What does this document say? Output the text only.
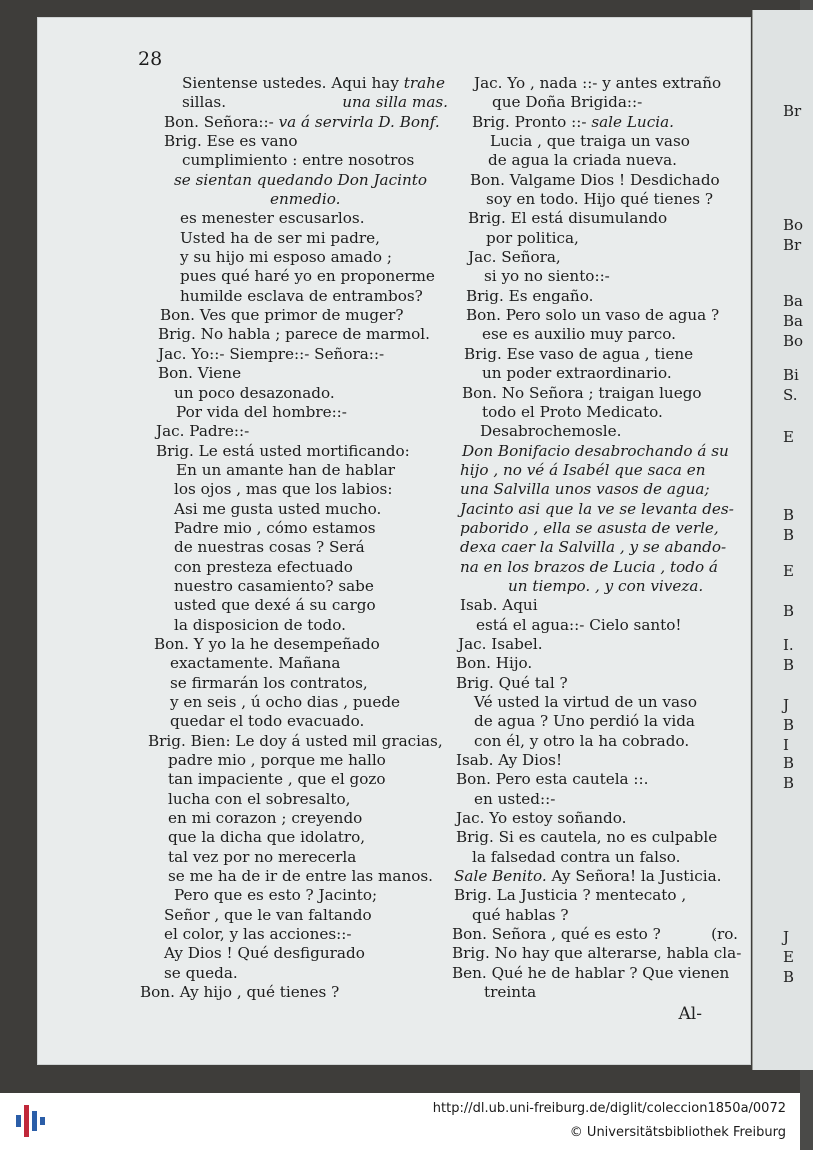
28
Sientense ustedes. Aqui hay trahe
sillas.	una silla mas.
Bon. Señora::- va á servirla D. Bonf.
Brig. Ese es vano
cumplimiento : entre nosotros
se sientan quedando Don Jacinto
enmedio.
es menester escusarlos.
Usted ha de ser mi padre,
y su hijo mi esposo amado ;
pues qué haré yo en proponerme
humilde esclava de entrambos?
Bon. Ves que primor de muger?
Brig. No habla ; parece de marmol.
Jac. Yo::- Siempre::- Señora::-
Bon. Viene
un poco desazonado.
Por vida del hombre::-
Jac. Padre::-
Brig. Le está usted mortificando:
En un amante han de hablar
los ojos , mas que los labios:
Asi me gusta usted mucho.
Padre mio , cómo estamos
de nuestras cosas ? Será
con presteza efectuado
nuestro casamiento? sabe
usted que dexé á su cargo
la disposicion de todo.
Bon. Y yo la he desempeñado
exactamente. Mañana
se firmarán los contratos,
y en seis , ú ocho dias , puede
quedar el todo evacuado.
Brig. Bien: Le doy á usted mil gracias,
padre mio , porque me hallo
tan impaciente , que el gozo
lucha con el sobresalto,
en mi corazon ; creyendo
que la dicha que idolatro,
tal vez por no merecerla
se me ha de ir de entre las manos.
Pero que es esto ? Jacinto;
Señor , que le van faltando
el color, y las acciones::-
Ay Dios ! Qué desfigurado
se queda.
Bon. Ay hijo , qué tienes ?
Jac. Yo , nada ::- y antes extraño
que Doña Brigida::-
Brig. Pronto ::- sale Lucia.
Lucia , que traiga un vaso
de agua la criada nueva.
Bon. Valgame Dios ! Desdichado
soy en todo. Hijo qué tienes ?
Brig. El está disumulando
por politica,
Jac. Señora,
si yo no siento::-
Brig. Es engaño.
Bon. Pero solo un vaso de agua ?
ese es auxilio muy parco.
Brig. Ese vaso de agua , tiene
un poder extraordinario.
Bon. No Señora ; traigan luego
todo el Proto Medicato.
Desabrochemosle.
Don Bonifacio desabrochando á su
hijo , no vé á Isabél que saca en
una Salvilla unos vasos de agua;
Jacinto asi que la ve se levanta des-
paborido , ella se asusta de verle,
dexa caer la Salvilla , y se abando-
na en los brazos de Lucia , todo á
un tiempo. , y con viveza.
Isab. Aqui
está el agua::- Cielo santo!
Jac. Isabel.
Bon. Hijo.
Brig. Qué tal ?
Vé usted la virtud de un vaso
de agua ? Uno perdió la vida
con él, y otro la ha cobrado.
Isab. Ay Dios!
Bon. Pero esta cautela ::.
en usted::-
Jac. Yo estoy soñando.
Brig. Si es cautela, no es culpable
la falsedad contra un falso.
Sale Benito. Ay Señora! la Justicia.
Brig. La Justicia ? mentecato ,
qué hablas ?
Bon. Señora , qué es esto ?	(ro.
Brig. No hay que alterarse, habla cla-
Ben. Qué he de hablar ? Que vienen
treinta
Al-
Br
Bo
Br
Ba
Ba
Bo
Bi
S.
E
B
B
E
B
I.
B
J
B
I
B
B
J
E
B
http://dl.ub.uni-freiburg.de/diglit/coleccion1850a/0072
© Universitätsbibliothek Freiburg
